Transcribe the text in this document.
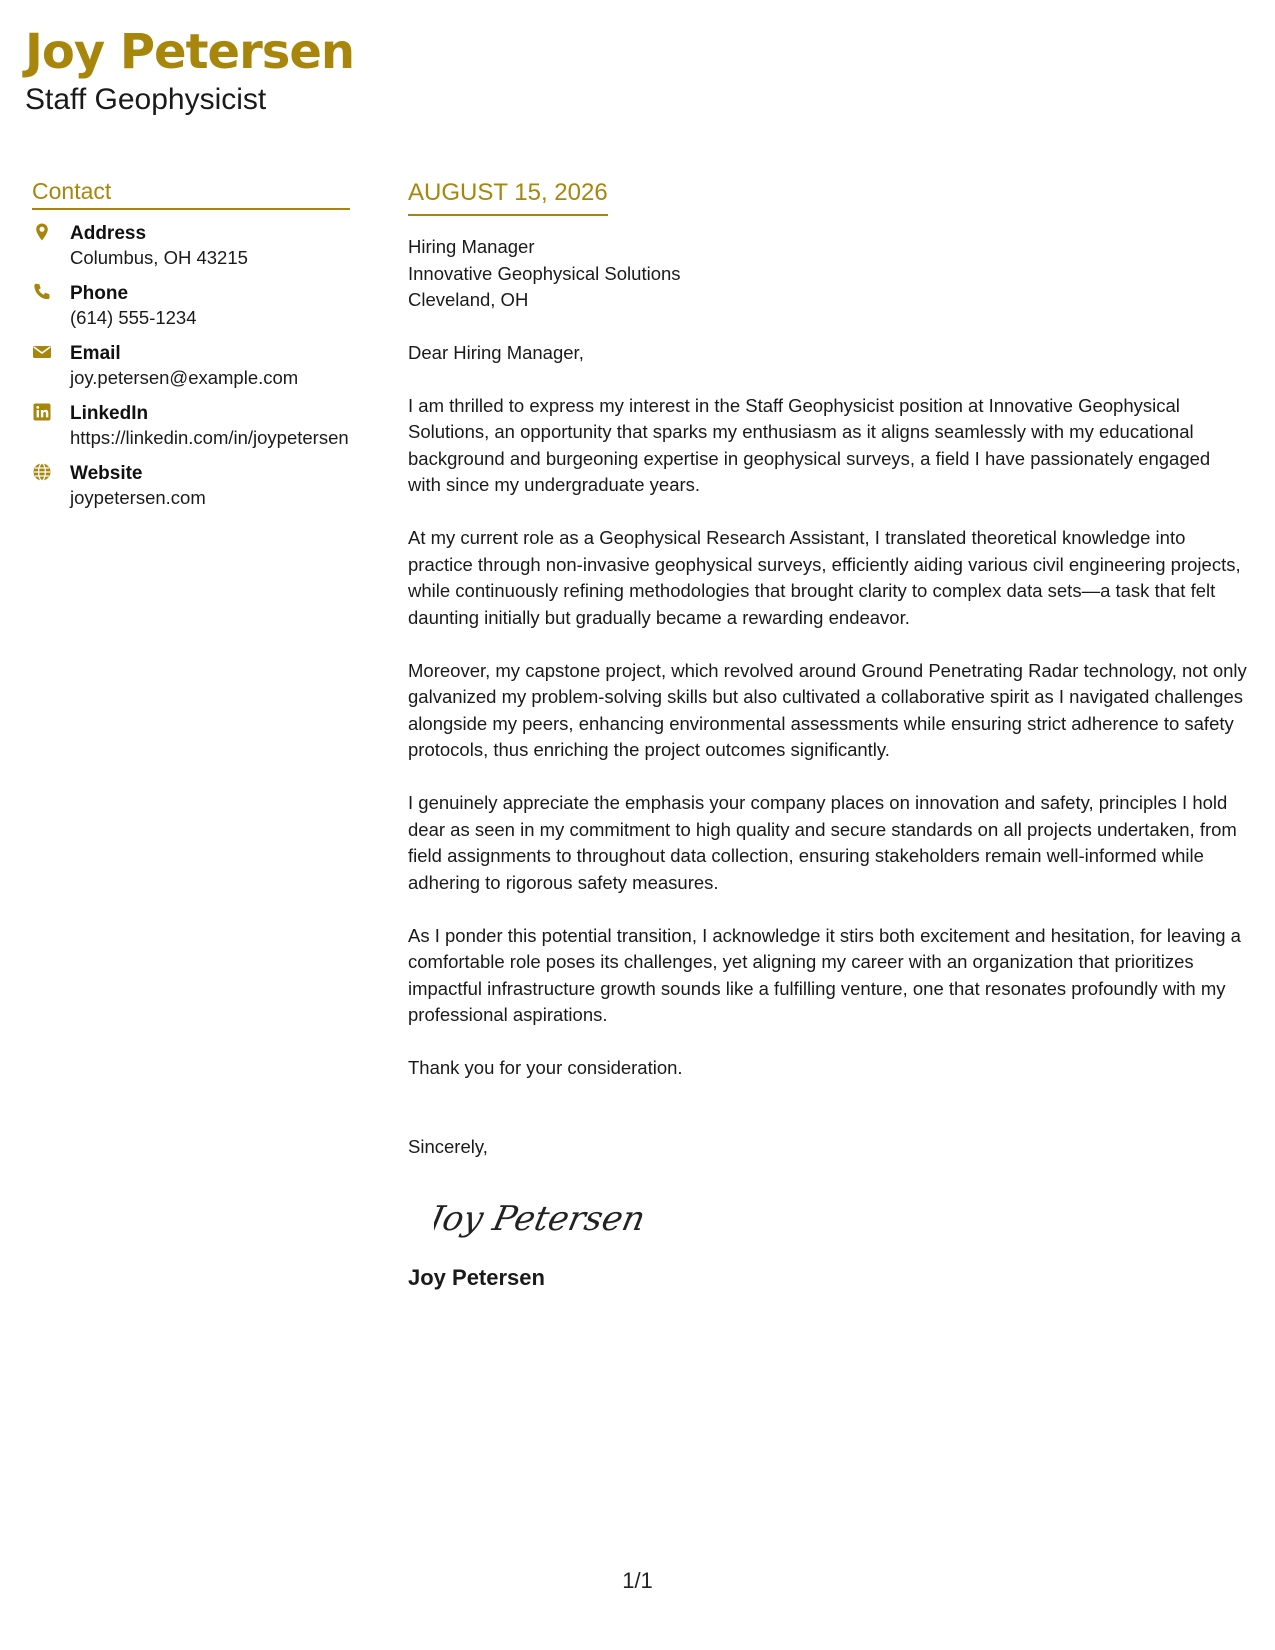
Joy Petersen
Staff Geophysicist
Contact
Address
Columbus, OH 43215
Phone
(614) 555-1234
Email
joy.petersen@example.com
LinkedIn
https://linkedin.com/in/joypetersen
Website
joypetersen.com
AUGUST 15, 2026
Hiring Manager
Innovative Geophysical Solutions
Cleveland, OH
Dear Hiring Manager,
I am thrilled to express my interest in the Staff Geophysicist position at Innovative Geophysical Solutions, an opportunity that sparks my enthusiasm as it aligns seamlessly with my educational background and burgeoning expertise in geophysical surveys, a field I have passionately engaged with since my undergraduate years.
At my current role as a Geophysical Research Assistant, I translated theoretical knowledge into practice through non-invasive geophysical surveys, efficiently aiding various civil engineering projects, while continuously refining methodologies that brought clarity to complex data sets—a task that felt daunting initially but gradually became a rewarding endeavor.
Moreover, my capstone project, which revolved around Ground Penetrating Radar technology, not only galvanized my problem-solving skills but also cultivated a collaborative spirit as I navigated challenges alongside my peers, enhancing environmental assessments while ensuring strict adherence to safety protocols, thus enriching the project outcomes significantly.
I genuinely appreciate the emphasis your company places on innovation and safety, principles I hold dear as seen in my commitment to high quality and secure standards on all projects undertaken, from field assignments to throughout data collection, ensuring stakeholders remain well-informed while adhering to rigorous safety measures.
As I ponder this potential transition, I acknowledge it stirs both excitement and hesitation, for leaving a comfortable role poses its challenges, yet aligning my career with an organization that prioritizes impactful infrastructure growth sounds like a fulfilling venture, one that resonates profoundly with my professional aspirations.
Thank you for your consideration.
Sincerely,
Joy Petersen
Joy Petersen
1/1
